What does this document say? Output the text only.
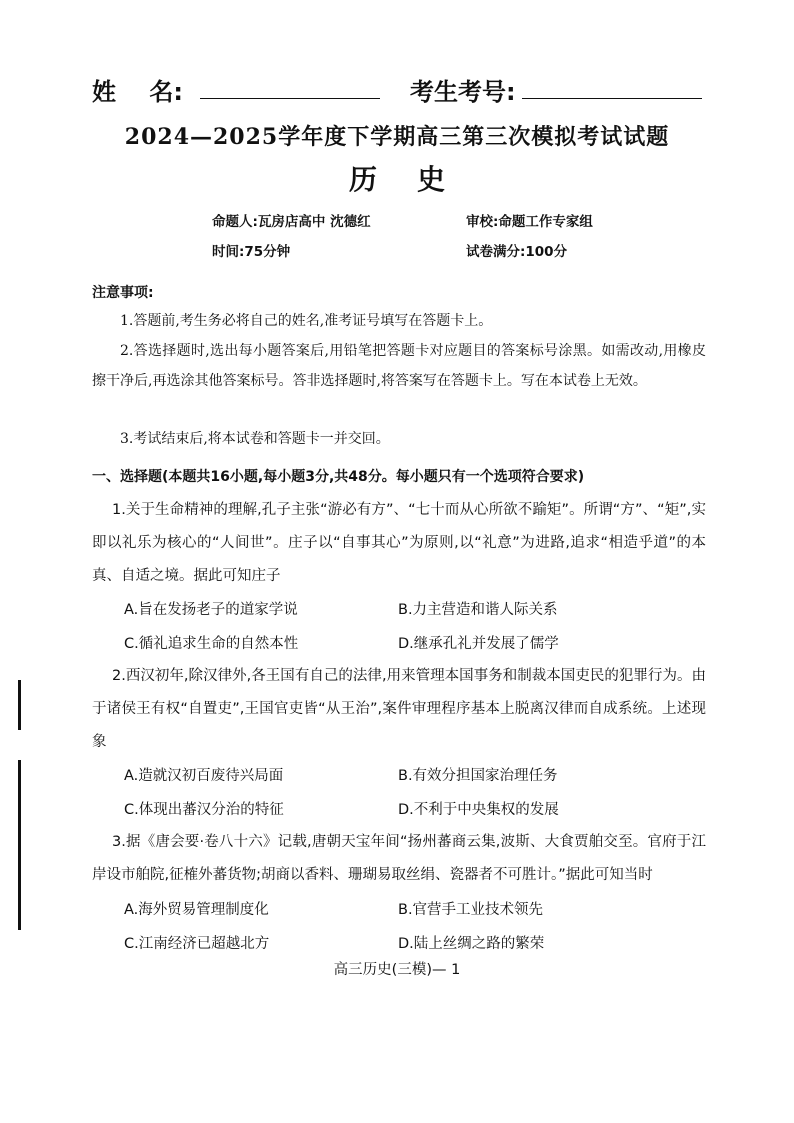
姓    名:	考生考号:
2024—2025学年度下学期高三第三次模拟考试试题
历史
命题人:瓦房店高中 沈德红	审校:命题工作专家组
时间:75分钟	试卷满分:100分
注意事项:
1.答题前,考生务必将自己的姓名,准考证号填写在答题卡上。
2.答选择题时,选出每小题答案后,用铅笔把答题卡对应题目的答案标号涂黑。如需改动,用橡皮擦干净后,再选涂其他答案标号。答非选择题时,将答案写在答题卡上。写在本试卷上无效。
3.考试结束后,将本试卷和答题卡一并交回。
一、选择题(本题共16小题,每小题3分,共48分。每小题只有一个选项符合要求)
1.关于生命精神的理解,孔子主张“游必有方”、“七十而从心所欲不踰矩”。所谓“方”、“矩”,实即以礼乐为核心的“人间世”。庄子以“自事其心”为原则,以“礼意”为进路,追求“相造乎道”的本真、自适之境。据此可知庄子
A.旨在发扬老子的道家学说	B.力主营造和谐人际关系
C.循礼追求生命的自然本性	D.继承孔礼并发展了儒学
2.西汉初年,除汉律外,各王国有自己的法律,用来管理本国事务和制裁本国吏民的犯罪行为。由于诸侯王有权“自置吏”,王国官吏皆“从王治”,案件审理程序基本上脱离汉律而自成系统。上述现象
A.造就汉初百废待兴局面	B.有效分担国家治理任务
C.体现出蕃汉分治的特征	D.不利于中央集权的发展
3.据《唐会要·卷八十六》记载,唐朝天宝年间“扬州蕃商云集,波斯、大食贾舶交至。官府于江岸设市舶院,征榷外蕃货物;胡商以香料、珊瑚易取丝绢、瓷器者不可胜计。”据此可知当时
A.海外贸易管理制度化	B.官营手工业技术领先
C.江南经济已超越北方	D.陆上丝绸之路的繁荣
高三历史(三模)— 1
